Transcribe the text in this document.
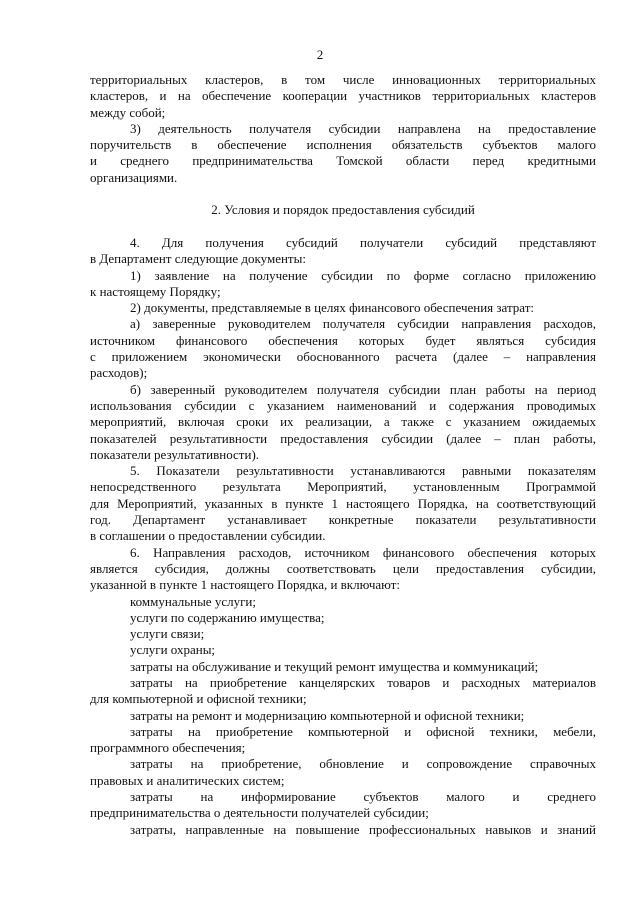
2
территориальных кластеров, в том числе инновационных территориальных
кластеров, и на обеспечение кооперации участников территориальных кластеров
между собой;
3) деятельность получателя субсидии направлена на предоставление
поручительств в обеспечение исполнения обязательств субъектов малого
и среднего предпринимательства Томской области перед кредитными
организациями.
2. Условия и порядок предоставления субсидий
4. Для получения субсидий получатели субсидий представляют
в Департамент следующие документы:
1) заявление на получение субсидии по форме согласно приложению
к настоящему Порядку;
2) документы, представляемые в целях финансового обеспечения затрат:
а) заверенные руководителем получателя субсидии направления расходов,
источником финансового обеспечения которых будет являться субсидия
с приложением экономически обоснованного расчета (далее – направления
расходов);
б) заверенный руководителем получателя субсидии план работы на период
использования субсидии с указанием наименований и содержания проводимых
мероприятий, включая сроки их реализации, а также с указанием ожидаемых
показателей результативности предоставления субсидии (далее – план работы,
показатели результативности).
5. Показатели результативности устанавливаются равными показателям
непосредственного результата Мероприятий, установленным Программой
для Мероприятий, указанных в пункте 1 настоящего Порядка, на соответствующий
год. Департамент устанавливает конкретные показатели результативности
в соглашении о предоставлении субсидии.
6. Направления расходов, источником финансового обеспечения которых
является субсидия, должны соответствовать цели предоставления субсидии,
указанной в пункте 1 настоящего Порядка, и включают:
коммунальные услуги;
услуги по содержанию имущества;
услуги связи;
услуги охраны;
затраты на обслуживание и текущий ремонт имущества и коммуникаций;
затраты на приобретение канцелярских товаров и расходных материалов
для компьютерной и офисной техники;
затраты на ремонт и модернизацию компьютерной и офисной техники;
затраты на приобретение компьютерной и офисной техники, мебели,
программного обеспечения;
затраты на приобретение, обновление и сопровождение справочных
правовых и аналитических систем;
затраты на информирование субъектов малого и среднего
предпринимательства о деятельности получателей субсидии;
затраты, направленные на повышение профессиональных навыков и знаний
